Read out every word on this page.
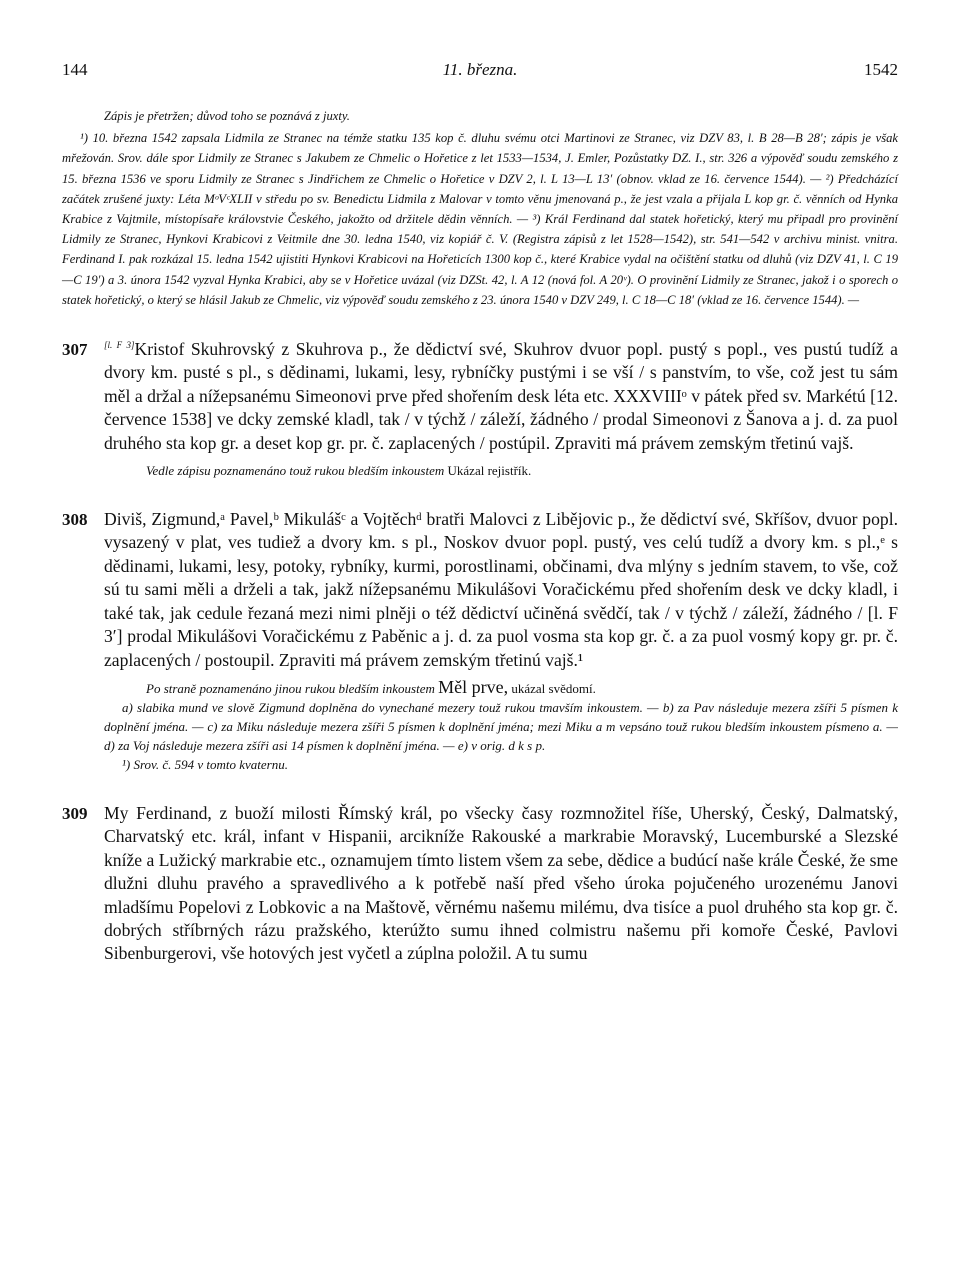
144	11. března.	1542

Zápis je přetržen; důvod toho se poznává z juxty.

¹) 10. března 1542 zapsala Lidmila ze Stranec na témže statku 135 kop č. dluhu svému otci Martinovi ze Stranec, viz DZV 83, l. B 28—B 28′; zápis je však mřežován. Srov. dále spor Lidmily ze Stranec s Jakubem ze Chmelic o Hořetice z let 1533—1534, J. Emler, Pozůstatky DZ. I., str. 326 a výpověď soudu zemského z 15. března 1536 ve sporu Lidmily ze Stranec s Jindřichem ze Chmelic o Hořetice v DZV 2, l. L 13—L 13′ (obnov. vklad ze 16. července 1544). — ²) Předcházící začátek zrušené juxty: Léta MᵒVᶜXLII v středu po sv. Benedictu Lidmila z Malovar v tomto věnu jmenovaná p., že jest vzala a přijala L kop gr. č. věnních od Hynka Krabice z Vajtmile, místopísaře královstvie Českého, jakožto od držitele dědin věnních. — ³) Král Ferdinand dal statek hořetický, který mu připadl pro provinění Lidmily ze Stranec, Hynkovi Krabicovi z Veitmile dne 30. ledna 1540, viz kopiář č. V. (Registra zápisů z let 1528—1542), str. 541—542 v archivu minist. vnitra. Ferdinand I. pak rozkázal 15. ledna 1542 ujistiti Hynkovi Krabicovi na Hořeticích 1300 kop č., které Krabice vydal na očištění statku od dluhů (viz DZV 41, l. C 19—C 19′) a 3. února 1542 vyzval Hynka Krabici, aby se v Hořetice uvázal (viz DZSt. 42, l. A 12 (nová fol. A 20ᵛ). O provinění Lidmily ze Stranec, jakož i o sporech o statek hořetický, o který se hlásil Jakub ze Chmelic, viz výpověď soudu zemského z 23. února 1540 v DZV 249, l. C 18—C 18′ (vklad ze 16. července 1544). —

307 [l. F 3]Kristof Skuhrovský z Skuhrova p., že dědictví své, Skuhrov dvuor popl. pustý s popl., ves pustú tudíž a dvory km. pusté s pl., s dědinami, lukami, lesy, rybníčky pustými i se vší / s panstvím, to vše, což jest tu sám měl a držal a nížepsanému Simeonovi prve před shořením desk léta etc. XXXVIIIᵒ v pátek před sv. Markétú [12. července 1538] ve dcky zemské kladl, tak / v týchž / záleží, žádného / prodal Simeonovi z Šanova a j. d. za puol druhého sta kop gr. a deset kop gr. pr. č. zaplacených / postúpil. Zpraviti má právem zemským třetinú vajš.

Vedle zápisu poznamenáno touž rukou bledším inkoustem Ukázal rejistřík.

308 Diviš, Zigmund,ᵃ Pavel,ᵇ Mikulášᶜ a Vojtěchᵈ bratři Malovci z Libějovic p., že dědictví své, Skříšov, dvuor popl. vysazený v plat, ves tudiež a dvory km. s pl., Noskov dvuor popl. pustý, ves celú tudíž a dvory km. s pl.,ᵉ s dědinami, lukami, lesy, potoky, rybníky, kurmi, porostlinami, občinami, dva mlýny s jedním stavem, to vše, což sú tu sami měli a drželi a tak, jakž nížepsanému Mikulášovi Voračickému před shořením desk ve dcky kladl, i také tak, jak cedule řezaná mezi nimi plněji o též dědictví učiněná svědčí, tak / v týchž / záleží, žádného / [l. F 3′] prodal Mikulášovi Voračickému z Paběnic a j. d. za puol vosma sta kop gr. č. a za puol vosmý kopy gr. pr. č. zaplacených / postoupil. Zpraviti má právem zemským třetinú vajš.¹

Po straně poznamenáno jinou rukou bledším inkoustem Měl prve, ukázal svědomí.

a) slabika mund ve slově Zigmund doplněna do vynechané mezery touž rukou tmavším inkoustem. — b) za Pav následuje mezera zšíři 5 písmen k doplnění jména. — c) za Miku následuje mezera zšíři 5 písmen k doplnění jména; mezi Miku a m vepsáno touž rukou bledším inkoustem písmeno a. — d) za Voj následuje mezera zšíři asi 14 písmen k doplnění jména. — e) v orig. d k s p.

¹) Srov. č. 594 v tomto kvaternu.

309 My Ferdinand, z buoží milosti Římský král, po všecky časy rozmnožitel říše, Uherský, Český, Dalmatský, Charvatský etc. král, infant v Hispanii, arcikníže Rakouské a markrabie Moravský, Lucemburské a Slezské kníže a Lužický markrabie etc., oznamujem tímto listem všem za sebe, dědice a budúcí naše krále České, že sme dlužni dluhu pravého a spravedlivého a k potřebě naší před všeho úroka pojučeného urozenému Janovi mladšímu Popelovi z Lobkovic a na Maštově, věrnému našemu milému, dva tisíce a puol druhého sta kop gr. č. dobrých stříbrných rázu pražského, kterúžto sumu ihned colmistru našemu při komoře České, Pavlovi Sibenburgerovi, vše hotových jest vyčetl a zúplna položil. A tu sumu
